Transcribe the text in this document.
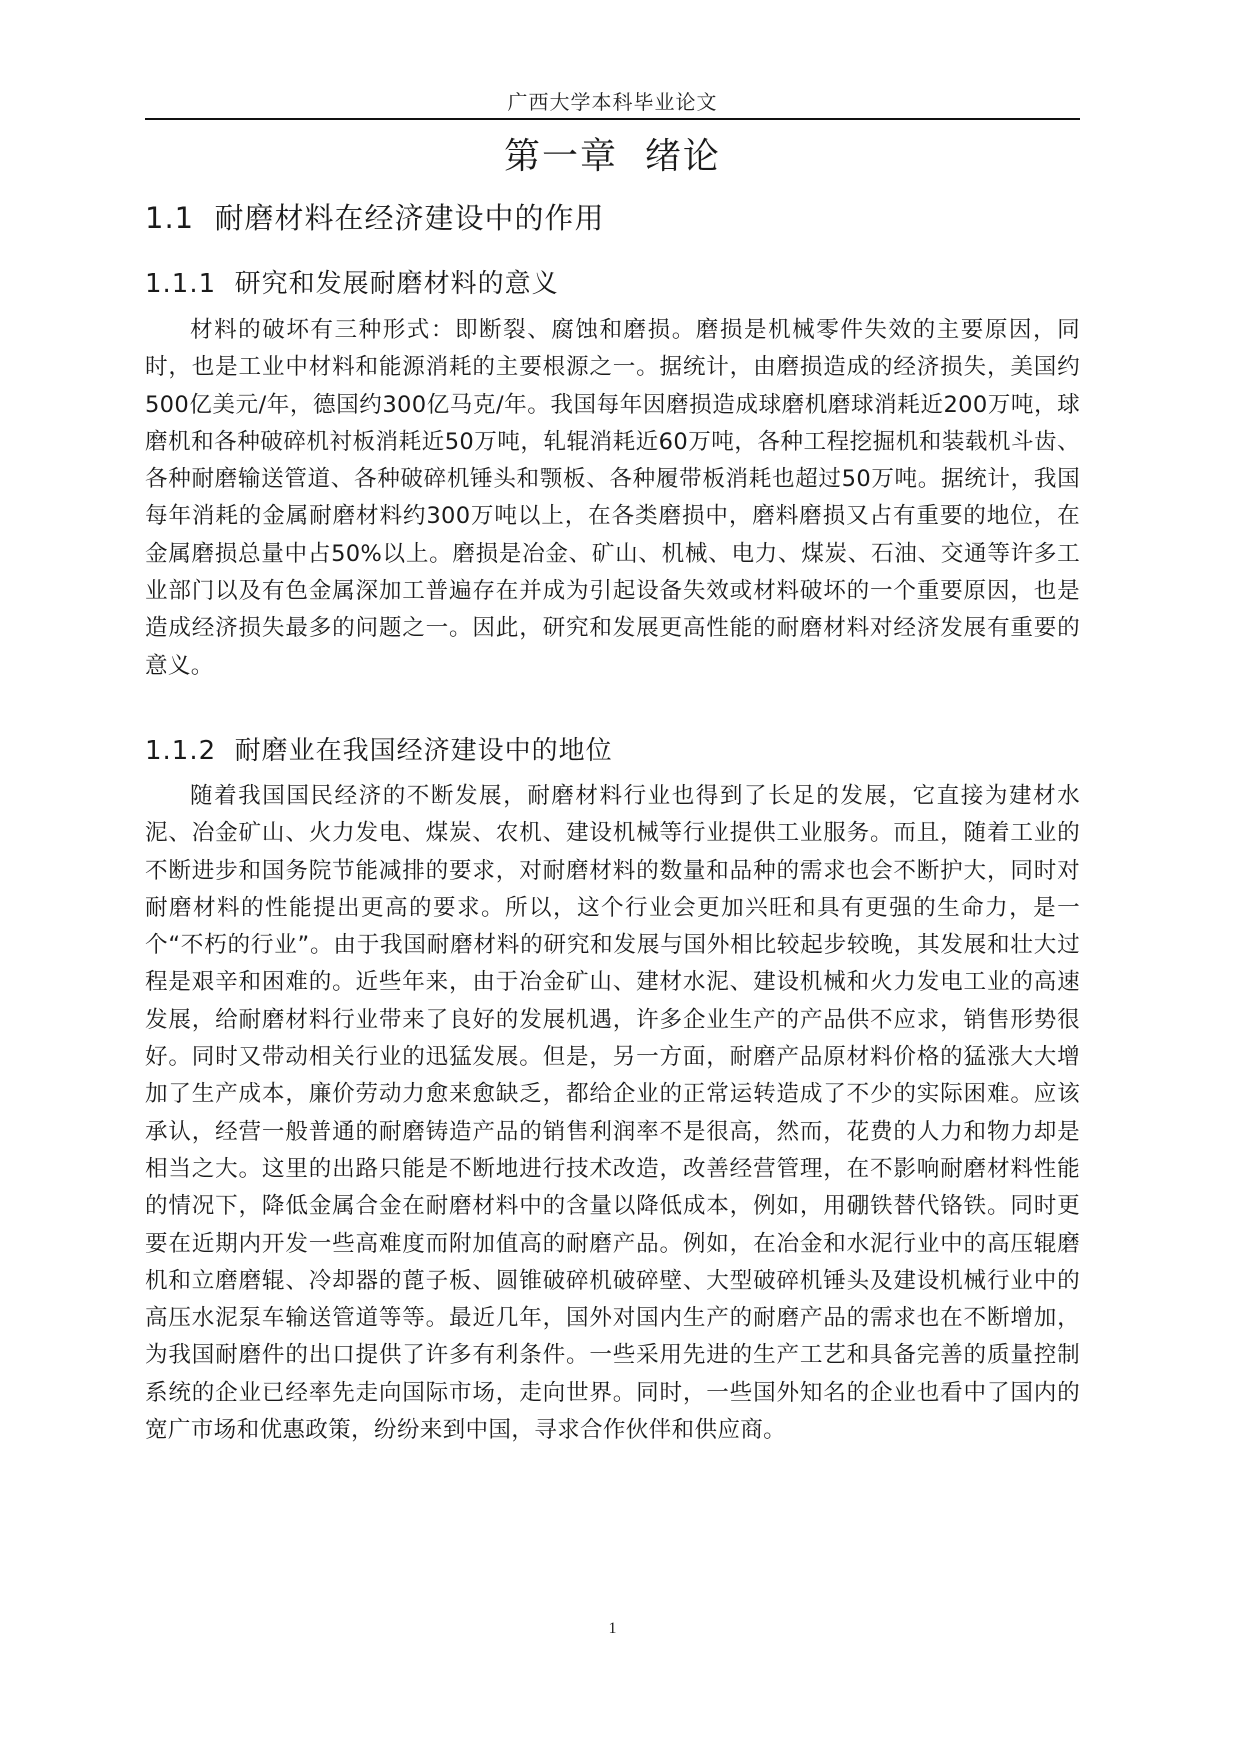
广西大学本科毕业论文
第一章  绪论
1.1  耐磨材料在经济建设中的作用
1.1.1  研究和发展耐磨材料的意义

材料的破坏有三种形式：即断裂、腐蚀和磨损。磨损是机械零件失效的主要原因，同时，也是工业中材料和能源消耗的主要根源之一。据统计，由磨损造成的经济损失，美国约500亿美元/年，德国约300亿马克/年。我国每年因磨损造成球磨机磨球消耗近200万吨，球磨机和各种破碎机衬板消耗近50万吨，轧辊消耗近60万吨，各种工程挖掘机和装载机斗齿、各种耐磨输送管道、各种破碎机锤头和颚板、各种履带板消耗也超过50万吨。据统计，我国每年消耗的金属耐磨材料约300万吨以上，在各类磨损中，磨料磨损又占有重要的地位，在金属磨损总量中占50%以上。磨损是冶金、矿山、机械、电力、煤炭、石油、交通等许多工业部门以及有色金属深加工普遍存在并成为引起设备失效或材料破坏的一个重要原因，也是造成经济损失最多的问题之一。因此，研究和发展更高性能的耐磨材料对经济发展有重要的意义。

1.1.2  耐磨业在我国经济建设中的地位

随着我国国民经济的不断发展，耐磨材料行业也得到了长足的发展，它直接为建材水泥、冶金矿山、火力发电、煤炭、农机、建设机械等行业提供工业服务。而且，随着工业的不断进步和国务院节能减排的要求，对耐磨材料的数量和品种的需求也会不断护大，同时对耐磨材料的性能提出更高的要求。所以，这个行业会更加兴旺和具有更强的生命力，是一个“不朽的行业”。由于我国耐磨材料的研究和发展与国外相比较起步较晚，其发展和壮大过程是艰辛和困难的。近些年来，由于冶金矿山、建材水泥、建设机械和火力发电工业的高速发展，给耐磨材料行业带来了良好的发展机遇，许多企业生产的产品供不应求，销售形势很好。同时又带动相关行业的迅猛发展。但是，另一方面，耐磨产品原材料价格的猛涨大大增加了生产成本，廉价劳动力愈来愈缺乏，都给企业的正常运转造成了不少的实际困难。应该承认，经营一般普通的耐磨铸造产品的销售利润率不是很高，然而，花费的人力和物力却是相当之大。这里的出路只能是不断地进行技术改造，改善经营管理，在不影响耐磨材料性能的情况下，降低金属合金在耐磨材料中的含量以降低成本，例如，用硼铁替代铬铁。同时更要在近期内开发一些高难度而附加值高的耐磨产品。例如，在冶金和水泥行业中的高压辊磨机和立磨磨辊、冷却器的蓖子板、圆锥破碎机破碎壁、大型破碎机锤头及建设机械行业中的高压水泥泵车输送管道等等。最近几年，国外对国内生产的耐磨产品的需求也在不断增加，为我国耐磨件的出口提供了许多有利条件。一些采用先进的生产工艺和具备完善的质量控制系统的企业已经率先走向国际市场，走向世界。同时，一些国外知名的企业也看中了国内的宽广市场和优惠政策，纷纷来到中国，寻求合作伙伴和供应商。

1
